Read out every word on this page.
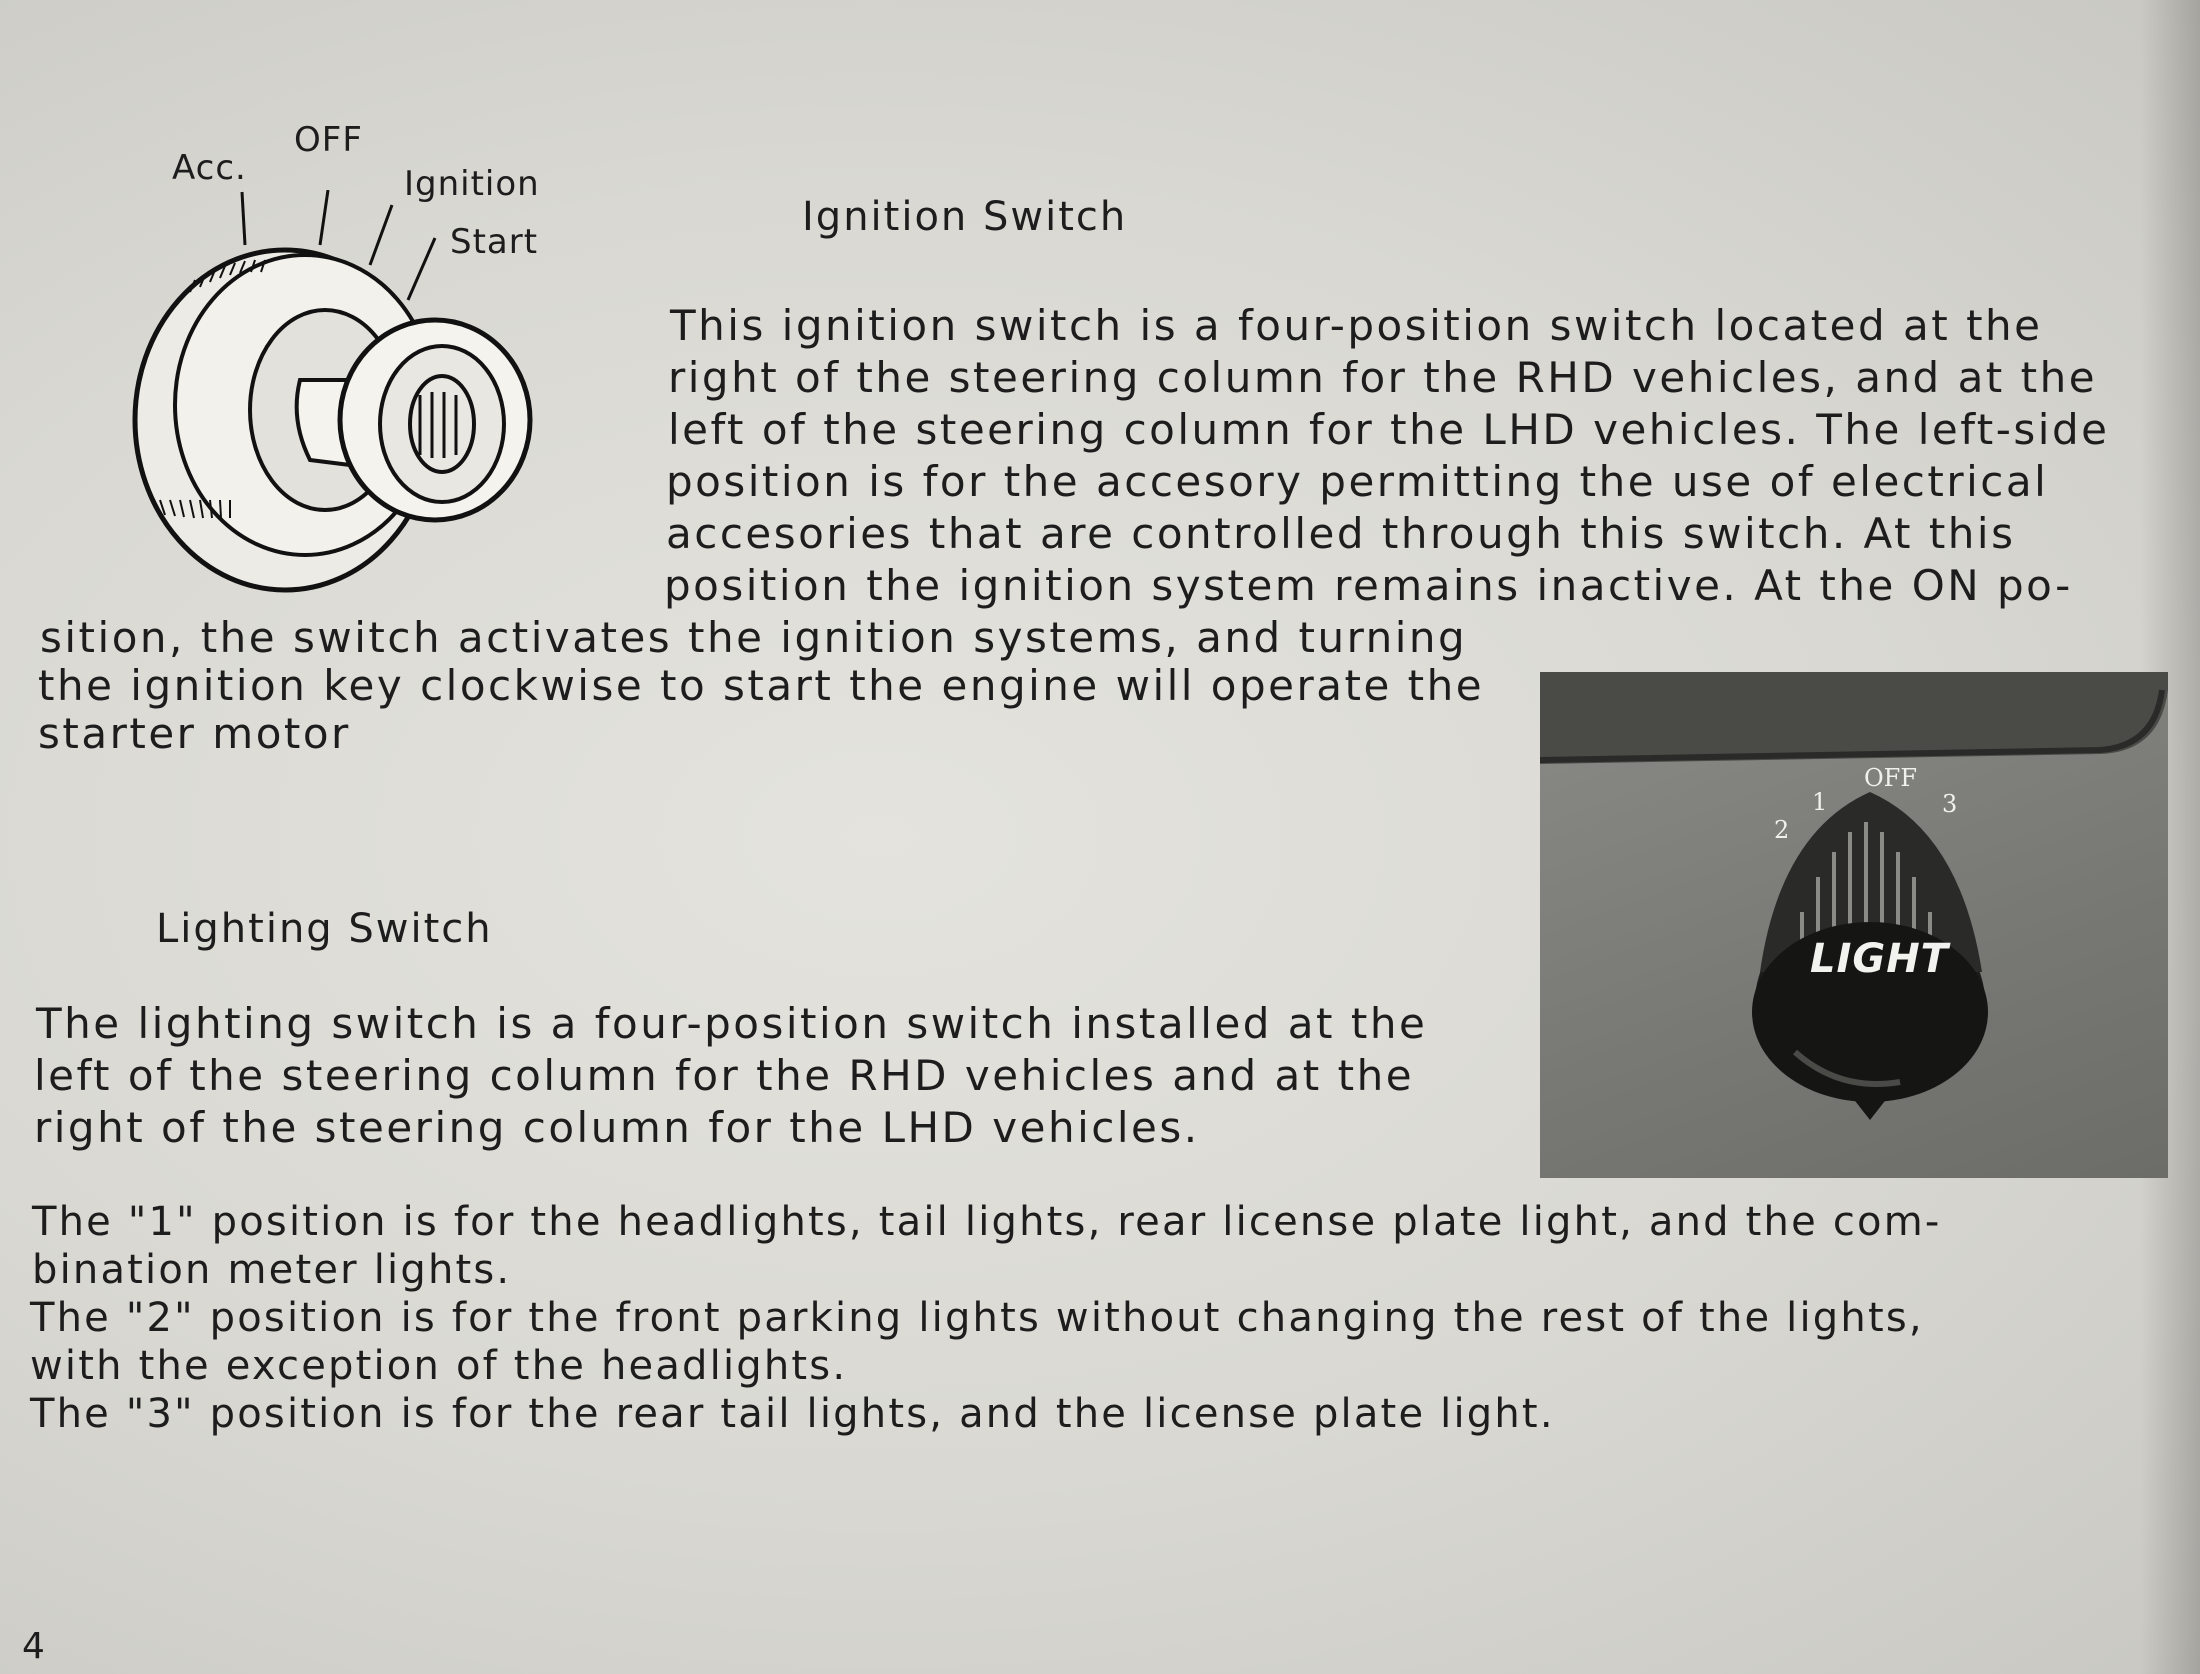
Acc.
OFF
Ignition
Start
Ignition Switch
This ignition switch is a four-position switch located at the
right of the steering column for the RHD vehicles, and at the
left of the steering column for the LHD vehicles. The left-side
position is for the accesory permitting the use of electrical
accesories that are controlled through this switch. At this
position the ignition system remains inactive. At the ON po-
sition, the switch activates the ignition systems, and turning
the ignition key clockwise to start the engine will operate the
starter motor
Lighting Switch
The lighting switch is a four-position switch installed at the
left of the steering column for the RHD vehicles and at the
right of the steering column for the LHD vehicles.
The "1" position is for the headlights, tail lights, rear license plate light, and the com-
bination meter lights.
The "2" position is for the front parking lights without changing the rest of the lights,
with the exception of the headlights.
The "3" position is for the rear tail lights, and the license plate light.
LIGHT
OFF
1
2
3
4
